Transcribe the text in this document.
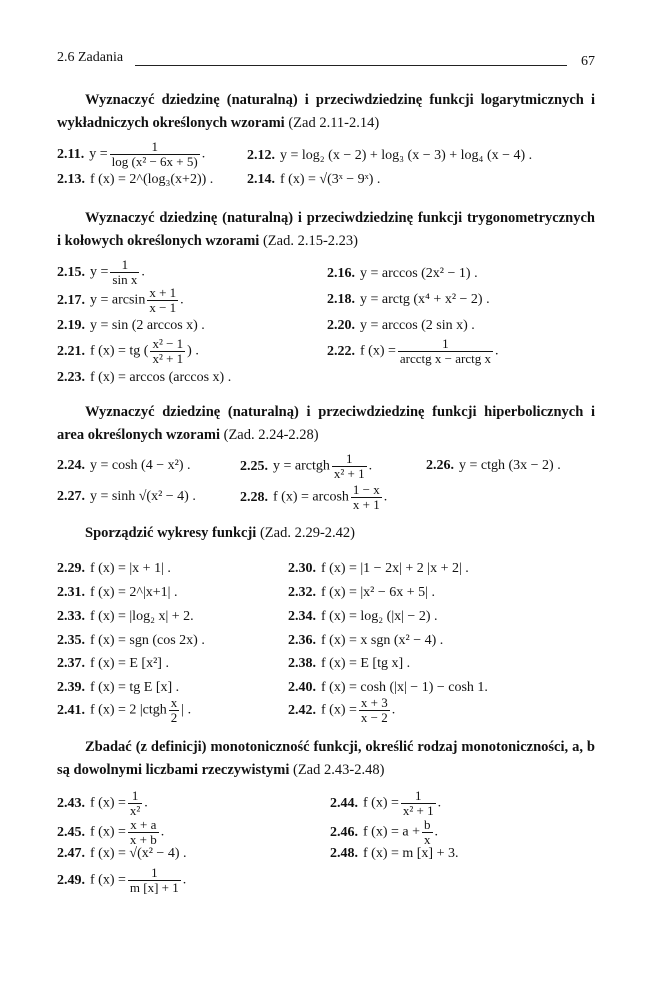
2.6 Zadania	67
Wyznaczyć dziedzinę (naturalną) i przeciwdziedzinę funkcji logarytmicznych i wykładniczych określonych wzorami (Zad 2.11-2.14)
2.11. $y = \frac{1}{\text{log (x² − 6x + 5)}}$ .	2.12. y = log₂ (x − 2) + log₃ (x − 3) + log₄ (x − 4) .
2.13. f (x) = 2^(log₃(x+2)) . 2.14. f (x) = √(3ˣ − 9ˣ) .
Wyznaczyć dziedzinę (naturalną) i przeciwdziedzinę funkcji trygonometrycznych i kołowych określonych wzorami (Zad. 2.15-2.23)
2.15. $y = \frac{1}{\text{sin x}}$ .	2.16. y = arccos (2x² − 1) .
2.17. $y = \arcsin \frac{x + 1}{x - 1}$ .	2.18. y = arctg (x⁴ + x² − 2) .
2.19. y = sin (2 arccos x) .	2.20. y = arccos (2 sin x) .
2.21. f (x) = tg ( $\frac{\text{x² − 1}}{\text{x² + 1}}$ ) .	2.22. f (x) =
1
arcctg x − arctg x .
2.23. f (x) = arccos (arccos x) .
Wyznaczyć dziedzinę (naturalną) i przeciwdziedzinę funkcji hiperbolicznych i area określonych wzorami (Zad. 2.24-2.28)
2.24. y = cosh (4 − x²) .	2.25. y = arctgh $\frac{1}{\text{x² + 1}}$ .	2.26. y = ctgh (3x − 2) .
2.27. y = sinh √(x² − 4) .	2.28. f (x) = arcosh $\frac{1 - x}{x + 1}$ .
Sporządzić wykresy funkcji (Zad. 2.29-2.42)
2.29. f (x) = |x + 1| .	2.30. f (x) = |1 − 2x| + 2 |x + 2| .
2.31. f (x) = 2^|x+1| .	2.32. f (x) = |x² − 6x + 5| .
2.33. f (x) = |log₂ x| + 2.	2.34. f (x) = log₂ (|x| − 2) .
2.35. f (x) = sgn (cos 2x) .	2.36. f (x) = x sgn (x² − 4) .
2.37. f (x) = E [x²] .	2.38. f (x) = E [tg x] .
2.39. f (x) = tg E [x] .	2.40. f (x) = cosh (|x| − 1) − cosh 1.
2.41. f (x) = 2 |ctgh $\frac{x}{2}$ | .	2.42. f $(x) = \frac{x + 3}{x - 2}$ .
Zbadać (z definicji) monotoniczność funkcji, określić rodzaj monotoniczności, a, b są dowolnymi liczbami rzeczywistymi (Zad 2.43-2.48)
2.43. f $(x) = \frac{1}{\text{x²}}$ .	2.44. f $(x) = \frac{1}{\text{x² + 1}}$ .
2.45. f $(x) = \frac{x + a}{x + b}$ .	2.46. f $(x) = a + \frac{b}{x}$ .
2.47. f (x) = √(x² − 4) .	2.48. f (x) = m [x] + 3.
2.49. f $(x) = \frac{1}{m [x] + 1}$ .
